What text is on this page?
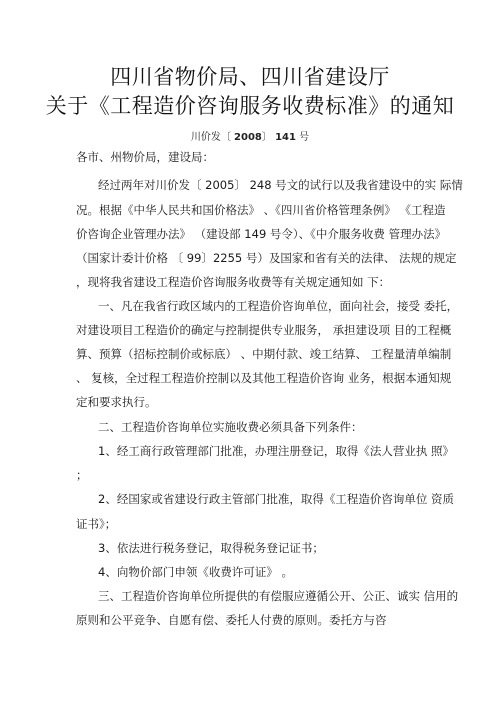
四川省物价局、四川省建设厅
关于《工程造价咨询服务收费标准》的通知
川价发〔 2008〕 141 号
各市、州物价局，建设局：
经过两年对川价发〔 2005〕 248 号文的试行以及我省建设中的实 际情
况。根据《中华人民共和国价格法》 、《四川省价格管理条例》 《工程造
价咨询企业管理办法》 （建设部 149 号令）、《中介服务收费 管理办法》
（国家计委计价格 〔 99〕2255 号）及国家和省有关的法律、 法规的规定
，现将我省建设工程造价咨询服务收费等有关规定通知如 下：
一、凡在我省行政区域内的工程造价咨询单位，面向社会，接受 委托，
对建设项目工程造价的确定与控制提供专业服务， 承担建设项 目的工程概
算、预算（招标控制价或标底） 、中期付款、竣工结算、 工程量清单编制
、 复核，全过程工程造价控制以及其他工程造价咨询 业务，根据本通知规
定和要求执行。
二、工程造价咨询单位实施收费必须具备下列条件：
1、经工商行政管理部门批准，办理注册登记，取得《法人营业执 照》
；
2、经国家或省建设行政主管部门批准，取得《工程造价咨询单位 资质
证书》；
3、依法进行税务登记，取得税务登记证书；
4、向物价部门申领《收费许可证》 。
三、工程造价咨询单位所提供的有偿服应遵循公开、公正、诚实 信用的
原则和公平竞争、自愿有偿、委托人付费的原则。委托方与咨
